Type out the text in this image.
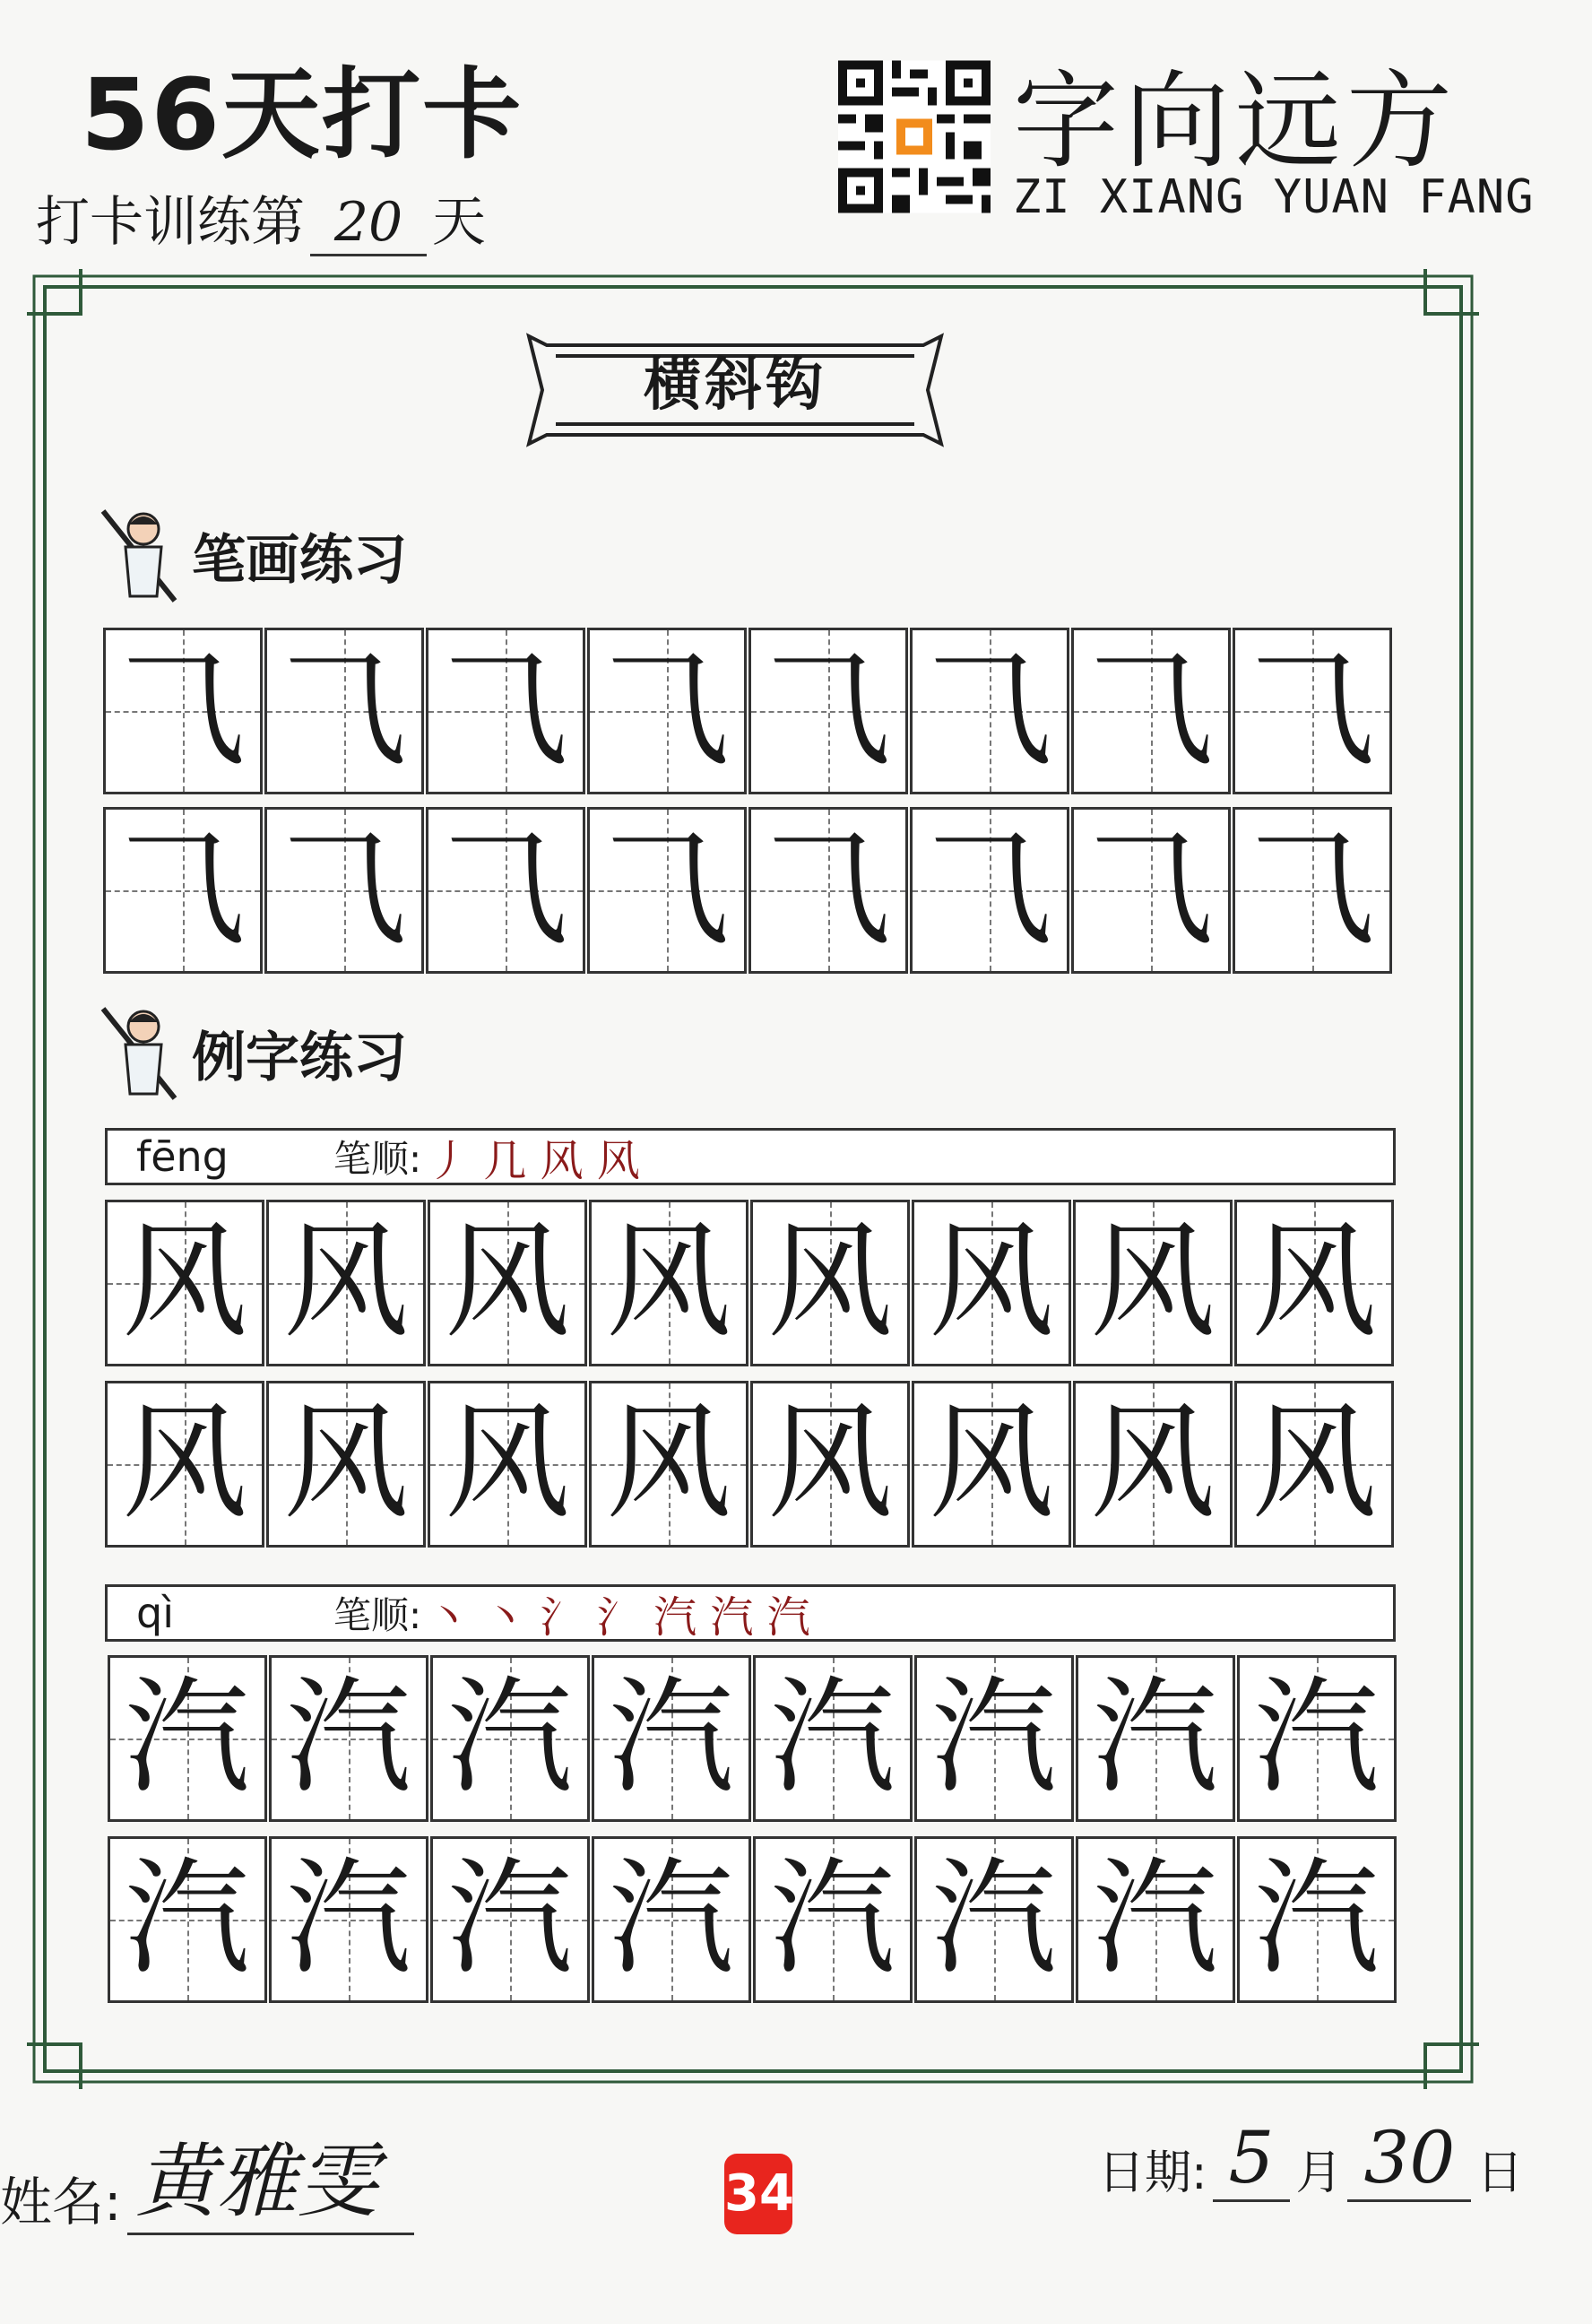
56天打卡
打卡训练第 20 天
字向远方
ZI XIANG YUAN FANG
横斜钩
笔画练习
⺄ ⺄ ⺄ ⺄ ⺄ ⺄ ⺄ ⺄
⺄ ⺄ ⺄ ⺄ ⺄ ⺄ ⺄ ⺄
例字练习
fēng	笔顺: 丿 几 风 风
风 风 风 风 风 风 风 风
风 风 风 风 风 风 风 风
qì	笔顺: 丶 丶 氵 氵 汽 汽 汽
汽 汽 汽 汽 汽 汽 汽 汽
汽 汽 汽 汽 汽 汽 汽 汽
姓名: 黄雅雯	34	日期: 5 月 30 日
